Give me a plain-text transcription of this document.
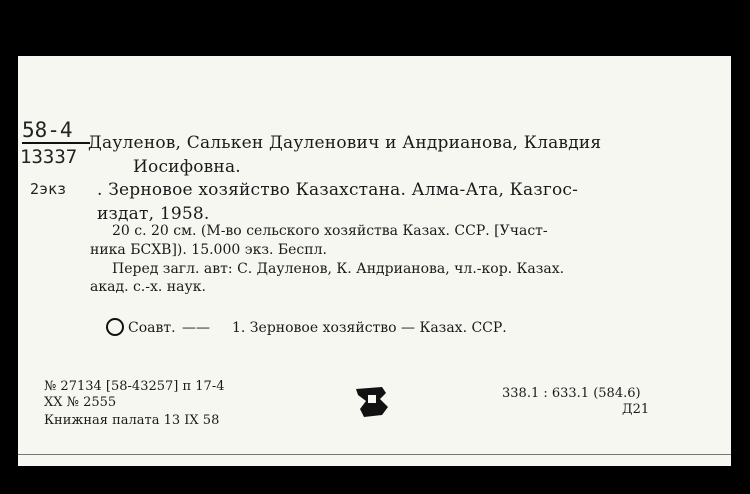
58-4
13337
2экз
Дауленов, Салькен Дауленович и Андрианова, Клавдия
Иосифовна.
. Зерновое хозяйство Казахстана. Алма-Ата, Казгос-
издат, 1958.
20 с. 20 см. (М-во сельского хозяйства Казах. ССР. [Участ-
ника БСХВ]). 15.000 экз. Беспл.
Перед загл. авт: С. Дауленов, К. Андрианова, чл.-кор. Казах.
акад. с.-х. наук.
Соавт. —— 1. Зерновое хозяйство — Казах. ССР.
№ 27134 [58-43257] п 17-4
XX № 2555
Книжная палата 13 IX 58
338.1 : 633.1 (584.6)
Д21
